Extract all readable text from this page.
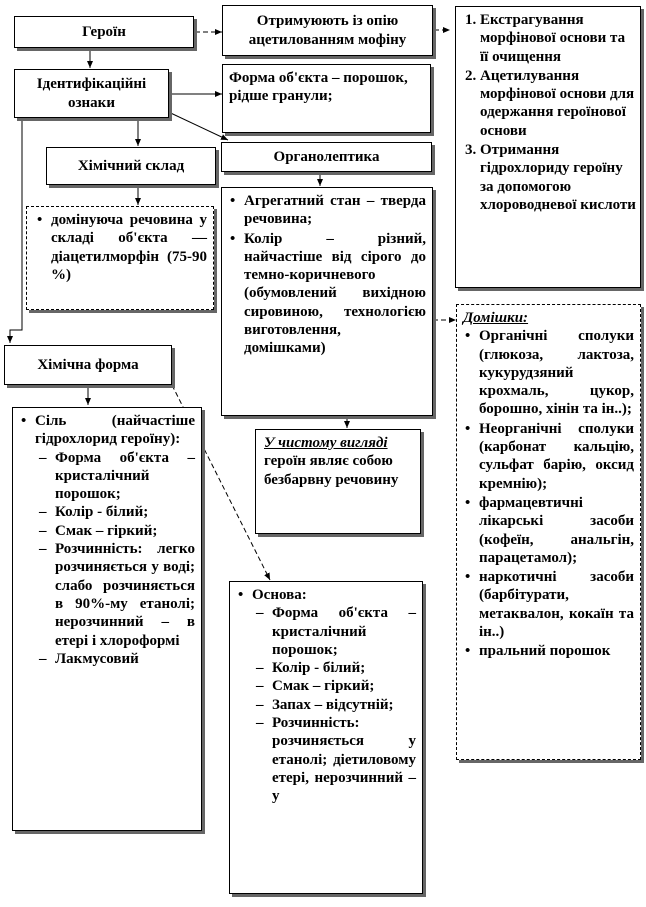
Героїн
Отримуюють із опію ацетилованням мофіну
1. Екстрагування морфінової основи та її очищення
2. Ацетилування морфінової основи для одержання героїнової основи
3. Отримання гідрохлориду героїну за допомогою хлороводневої кислоти
Ідентифікаційні ознаки
Форма об'єкта – порошок, рідше гранули;
Органолептика
Хімічний склад
• домінуюча речовина у складі об'єкта — діацетилморфін (75-90 %)
• Агрегатний стан – тверда речовина;
• Колір – різний, найчастіше від сірого до темно-коричневого (обумовлений вихідною сировиною, технологією виготовлення, домішками)
У чистому вигляді героїн являє собою безбарвну речовину
Домішки:
• Органічні сполуки (глюкоза, лактоза, кукурудзяний крохмаль, цукор, борошно, хінін та ін..);
• Неорганічні сполуки (карбонат кальцію, сульфат барію, оксид кремнію);
• фармацевтичні лікарські засоби (кофеїн, анальгін, парацетамол);
• наркотичні засоби (барбітурати, метаквалон, кокаїн та ін..)
• пральний порошок
Хімічна форма
• Сіль (найчастіше гідрохлорид героїну):
– Форма об'єкта – кристалічний порошок;
– Колір - білий;
– Смак – гіркий;
– Розчинність: легко розчиняється у воді; слабо розчиняється в 90%-му етанолі; нерозчинний – в етері і хлороформі
– Лакмусовий
• Основа:
– Форма об'єкта – кристалічний порошок;
– Колір - білий;
– Смак – гіркий;
– Запах – відсутній;
– Розчинність: розчиняється у етанолі; діетиловому етері, нерозчинний – у
